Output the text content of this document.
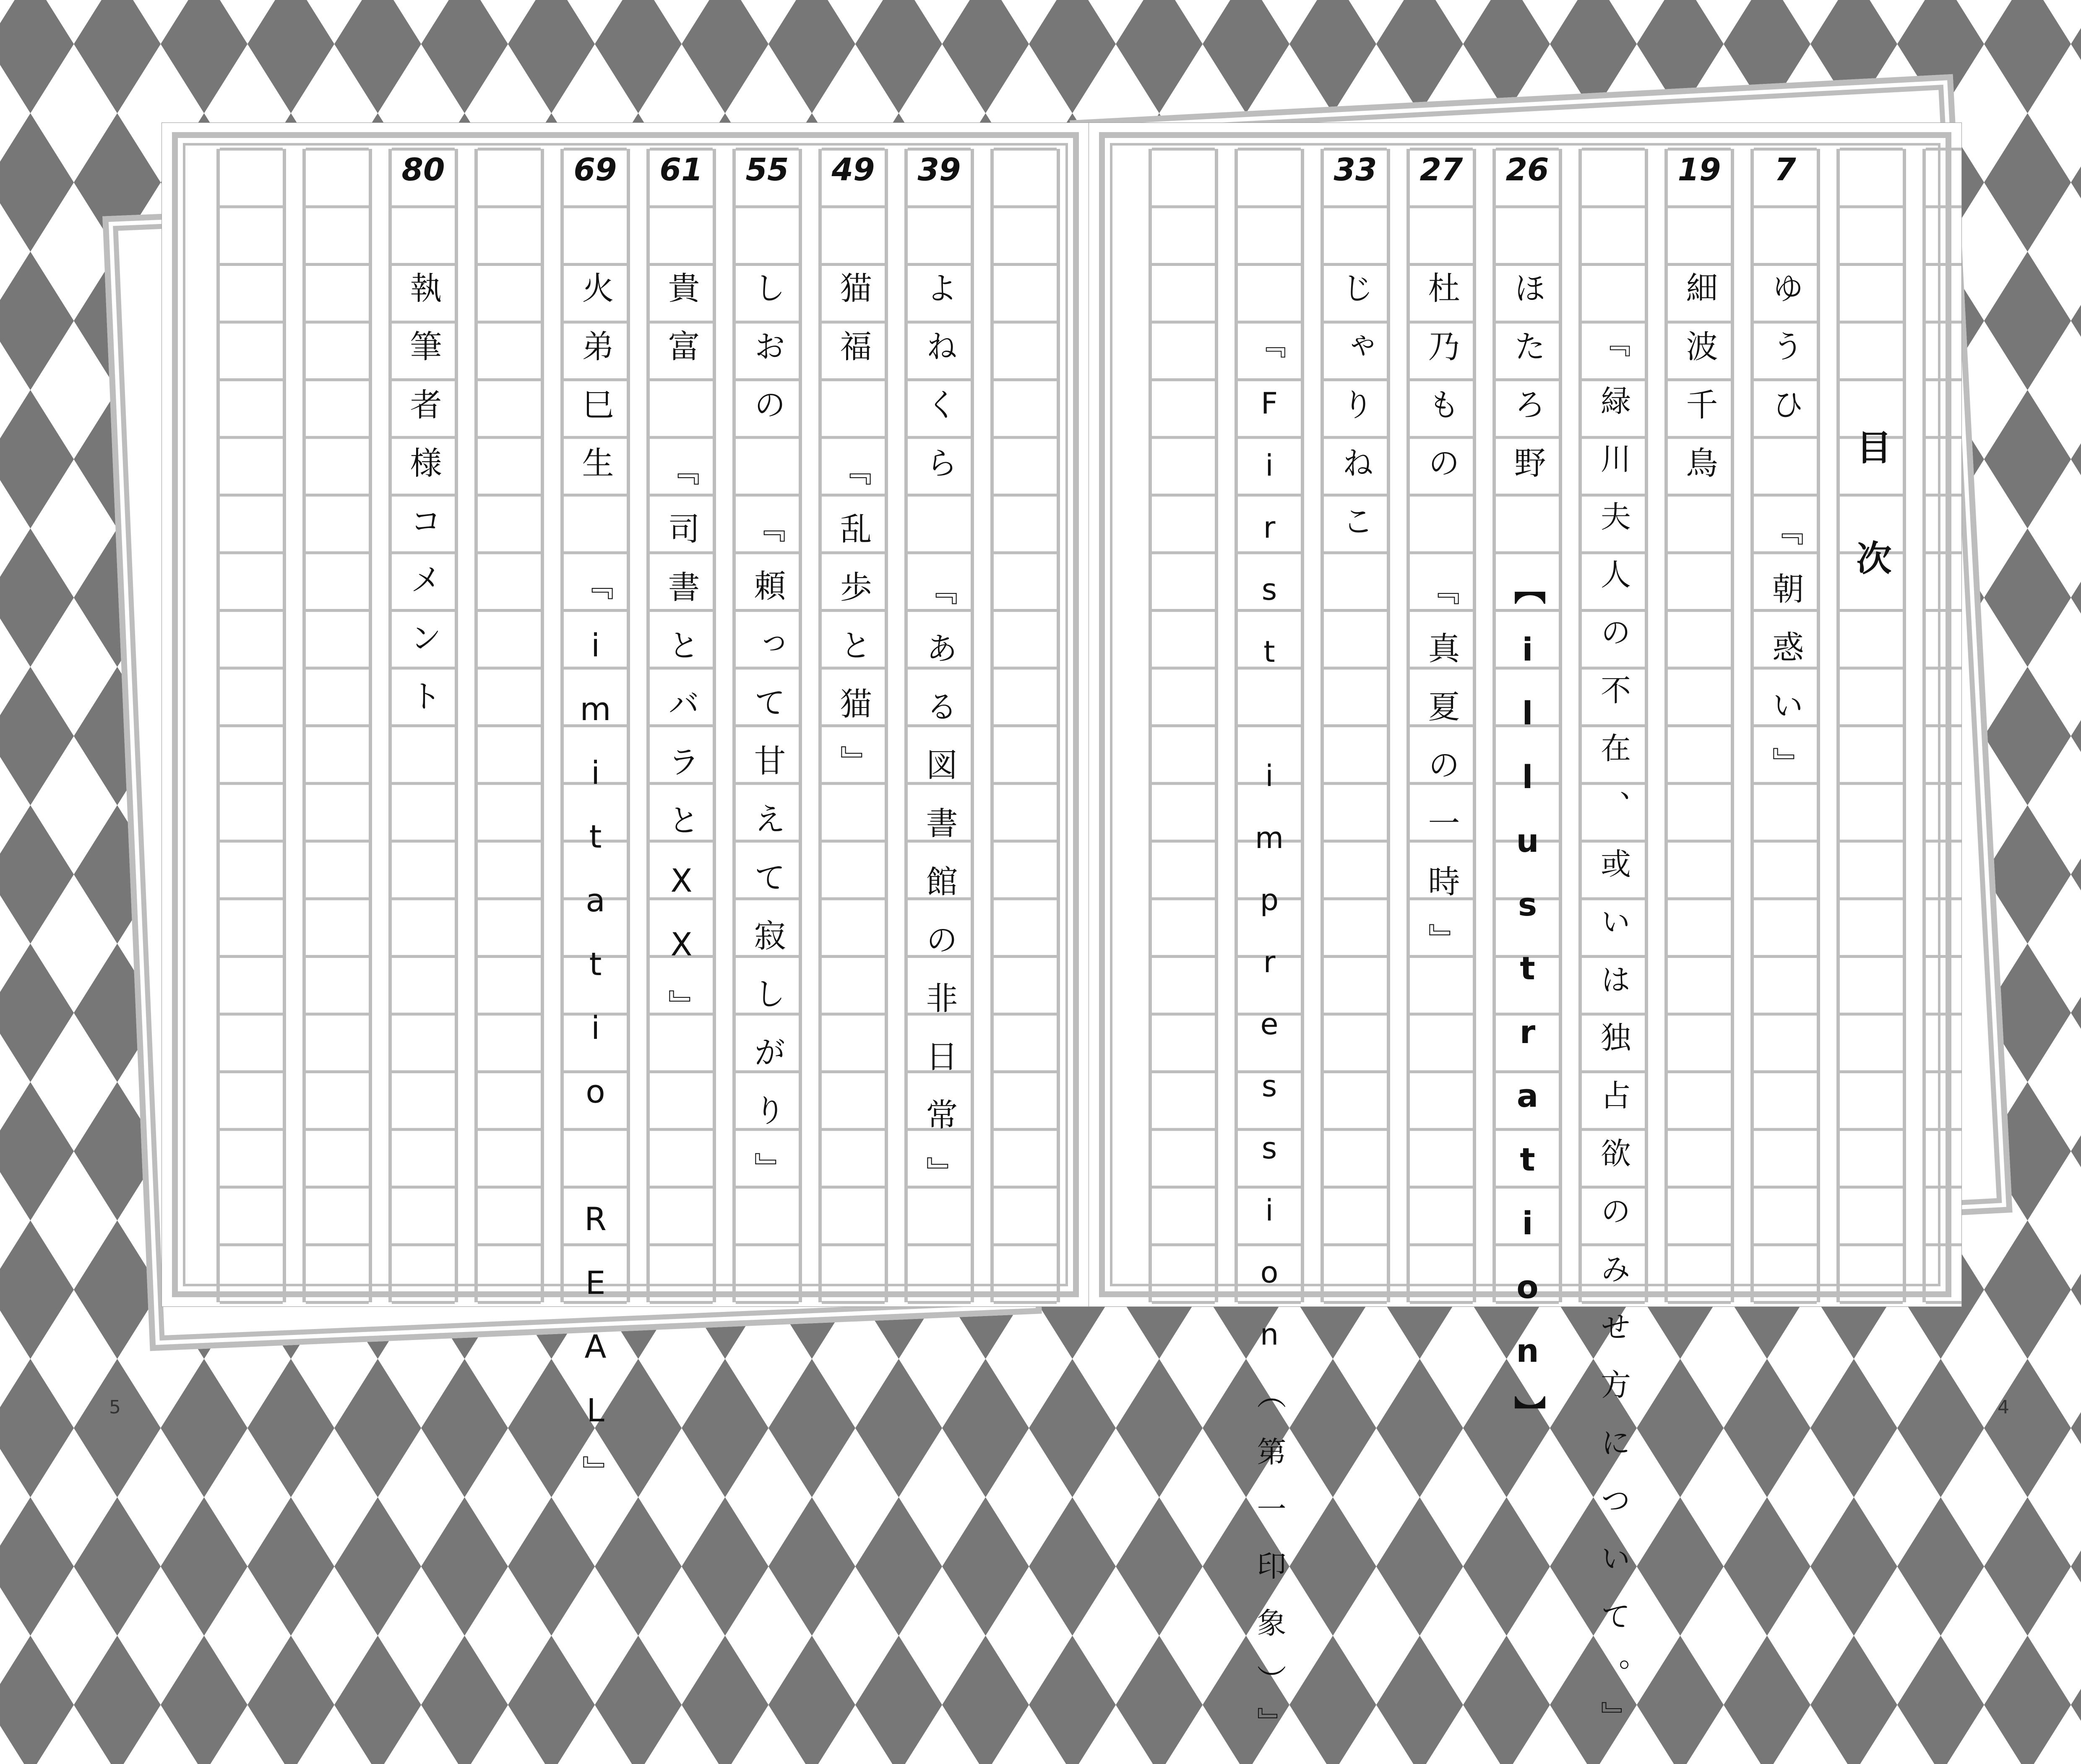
39
よねくら
『ある図書館の非日常』
49
猫福
『乱歩と猫』
55
しおの
『頼って甘えて寂しがり』
61
貴富
『司書とバラとXX』
69
火弟巳生
『imitatio REAL』
80
執筆者様コメント	目次
7
ゆうひ
『朝惑い』
19
細波千鳥
『緑川夫人の不在、或いは独占欲のみせ方について。』
26
ほたろ野
【illustration】
27
杜乃もの
『真夏の一時』
33
じゃりねこ
『First impression（第一印象）』
5	4
